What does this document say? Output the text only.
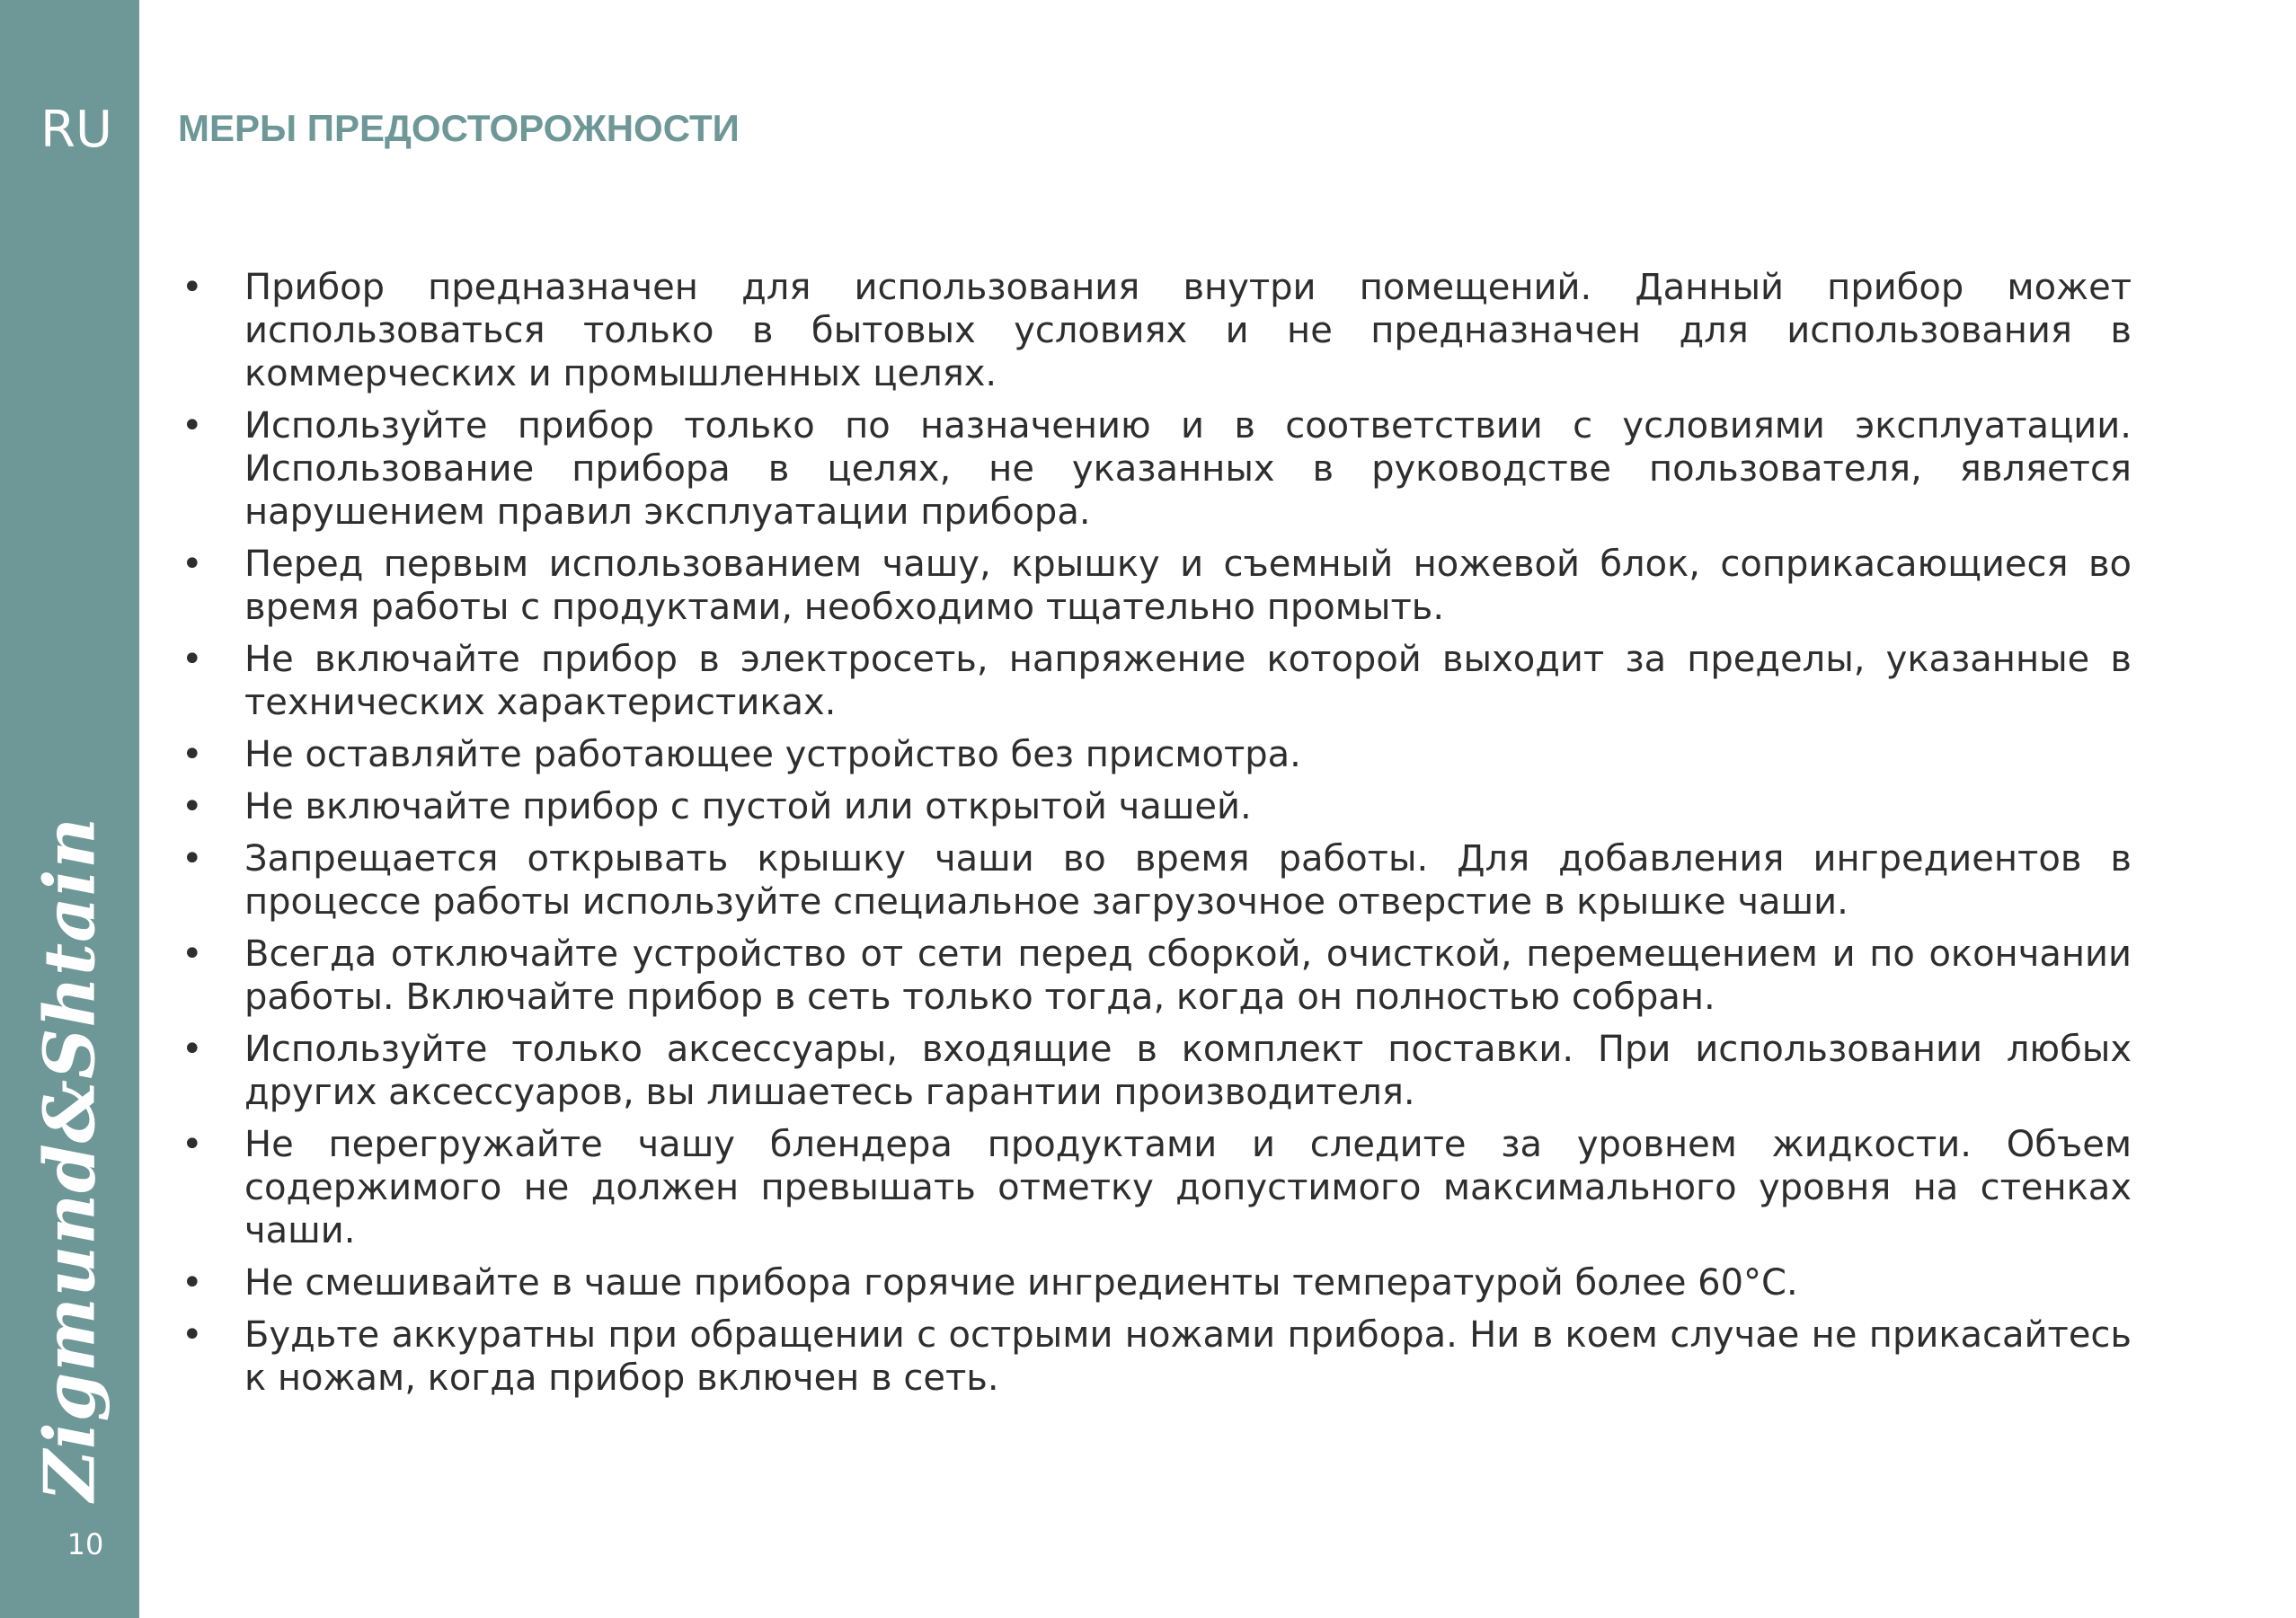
RU
Zigmund&Shtain
10
МЕРЫ ПРЕДОСТОРОЖНОСТИ
• Прибор предназначен для использования внутри помещений. Данный прибор может использоваться только в бытовых условиях и не предназначен для использования в коммерческих и промышленных целях.
• Используйте прибор только по назначению и в соответствии с условиями эксплуатации. Использование прибора в целях, не указанных в руководстве пользователя, является нарушением правил эксплуатации прибора.
• Перед первым использованием чашу, крышку и съемный ножевой блок, соприкасающиеся во время работы с продуктами, необходимо тщательно промыть.
• Не включайте прибор в электросеть, напряжение которой выходит за пределы, указанные в технических характеристиках.
• Не оставляйте работающее устройство без присмотра.
• Не включайте прибор с пустой или открытой чашей.
• Запрещается открывать крышку чаши во время работы. Для добавления ингредиентов в процессе работы используйте специальное загрузочное отверстие в крышке чаши.
• Всегда отключайте устройство от сети перед сборкой, очисткой, перемещением и по окончании работы. Включайте прибор в сеть только тогда, когда он полностью собран.
• Используйте только аксессуары, входящие в комплект поставки. При использовании любых других аксессуаров, вы лишаетесь гарантии производителя.
• Не перегружайте чашу блендера продуктами и следите за уровнем жидкости. Объем содержимого не должен превышать отметку допустимого максимального уровня на стенках чаши.
• Не смешивайте в чаше прибора горячие ингредиенты температурой более 60°C.
• Будьте аккуратны при обращении с острыми ножами прибора. Ни в коем случае не прикасайтесь к ножам, когда прибор включен в сеть.
